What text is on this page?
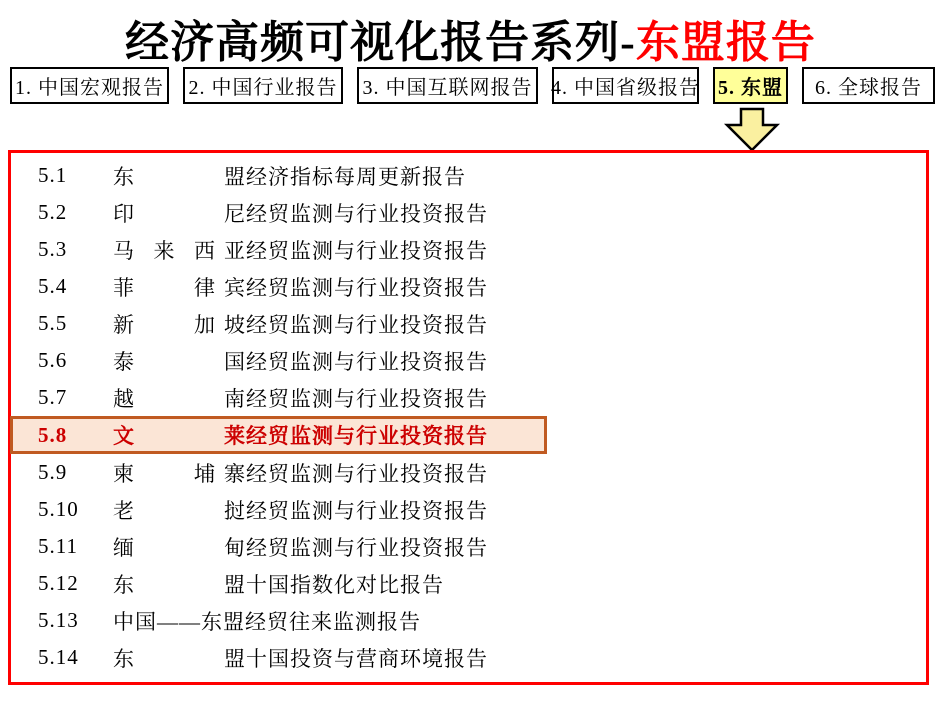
经济高频可视化报告系列-东盟报告
1. 中国宏观报告 2. 中国行业报告 3. 中国互联网报告 4. 中国省级报告 5. 东盟 6. 全球报告
5.1	东	盟经济指标每周更新报告
5.2	印	尼经贸监测与行业投资报告
5.3	马 来 西 亚经贸监测与行业投资报告
5.4	菲	律 宾经贸监测与行业投资报告
5.5	新	加 坡经贸监测与行业投资报告
5.6	泰	国经贸监测与行业投资报告
5.7	越	南经贸监测与行业投资报告
5.8	文	莱经贸监测与行业投资报告
5.9	柬	埔 寨经贸监测与行业投资报告
5.10	老	挝经贸监测与行业投资报告
5.11	缅	甸经贸监测与行业投资报告
5.12	东	盟十国指数化对比报告
5.13	中国——东盟经贸往来监测报告
5.14	东	盟十国投资与营商环境报告
